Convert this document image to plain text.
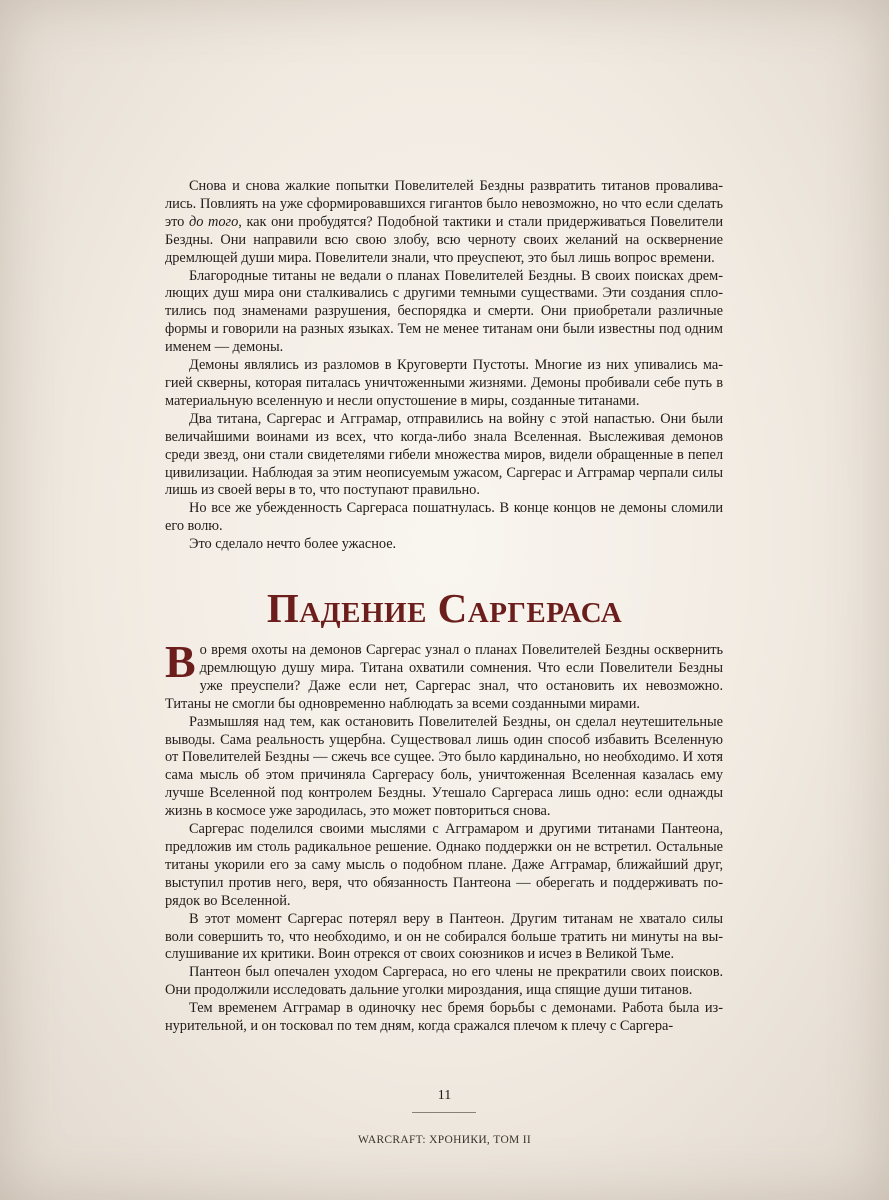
Снова и снова жалкие попытки Повелителей Бездны развратить титанов проваливались. Повлиять на уже сформировавшихся гигантов было невозможно, но что если сделать это до того, как они пробудятся? Подобной тактики и стали придерживаться Повелители Бездны. Они направили всю свою злобу, всю черноту своих желаний на осквернение дремлющей души мира. Повелители знали, что преуспеют, это был лишь вопрос времени.

Благородные титаны не ведали о планах Повелителей Бездны. В своих поисках дремлющих душ мира они сталкивались с другими темными существами. Эти создания сплотились под знаменами разрушения, беспорядка и смерти. Они приобретали различные формы и говорили на разных языках. Тем не менее титанам они были известны под одним именем — демоны.

Демоны являлись из разломов в Круговерти Пустоты. Многие из них упивались магией скверны, которая питалась уничтоженными жизнями. Демоны пробивали себе путь в материальную вселенную и несли опустошение в миры, созданные титанами.

Два титана, Саргерас и Аггрaмар, отправились на войну с этой напастью. Они были величайшими воинами из всех, что когда-либо знала Вселенная. Выслеживая демонов среди звезд, они стали свидетелями гибели множества миров, видели обращенные в пепел цивилизации. Наблюдая за этим неописуемым ужасом, Саргерас и Аггрaмар черпали силы лишь из своей веры в то, что поступают правильно.

Но все же убежденность Саргераса пошатнулась. В конце концов не демоны сломили его волю.

Это сделало нечто более ужасное.

Падение Саргераса

Во время охоты на демонов Саргерас узнал о планах Повелителей Бездны осквернить дремлющую душу мира. Титана охватили сомнения. Что если Повелители Бездны уже преуспели? Даже если нет, Саргерас знал, что остановить их невозможно. Титаны не смогли бы одновременно наблюдать за всеми созданными мирами.

Размышляя над тем, как остановить Повелителей Бездны, он сделал неутешительные выводы. Сама реальность ущербна. Существовал лишь один способ избавить Вселенную от Повелителей Бездны — сжечь все сущее. Это было кардинально, но необходимо. И хотя сама мысль об этом причиняла Саргерасу боль, уничтоженная Вселенная казалась ему лучше Вселенной под контролем Бездны. Утешало Саргераса лишь одно: если однажды жизнь в космосе уже зародилась, это может повториться снова.

Саргерас поделился своими мыслями с Аггрaмаром и другими титанами Пантеона, предложив им столь радикальное решение. Однако поддержки он не встретил. Остальные титаны укорили его за саму мысль о подобном плане. Даже Аггрaмар, ближайший друг, выступил против него, веря, что обязанность Пантеона — оберегать и поддерживать порядок во Вселенной.

В этот момент Саргерас потерял веру в Пантеон. Другим титанам не хватало силы воли совершить то, что необходимо, и он не собирался больше тратить ни минуты на выслушивание их критики. Воин отрекся от своих союзников и исчез в Великой Тьме.

Пантеон был опечален уходом Саргераса, но его члены не прекратили своих поисков. Они продолжили исследовать дальние уголки мироздания, ища спящие души титанов.

Тем временем Аггрaмар в одиночку нес бремя борьбы с демонами. Работа была изнурительной, и он тосковал по тем дням, когда сражался плечом к плечу с Саргера-

11
WARCRAFT: ХРОНИКИ, ТОМ II
